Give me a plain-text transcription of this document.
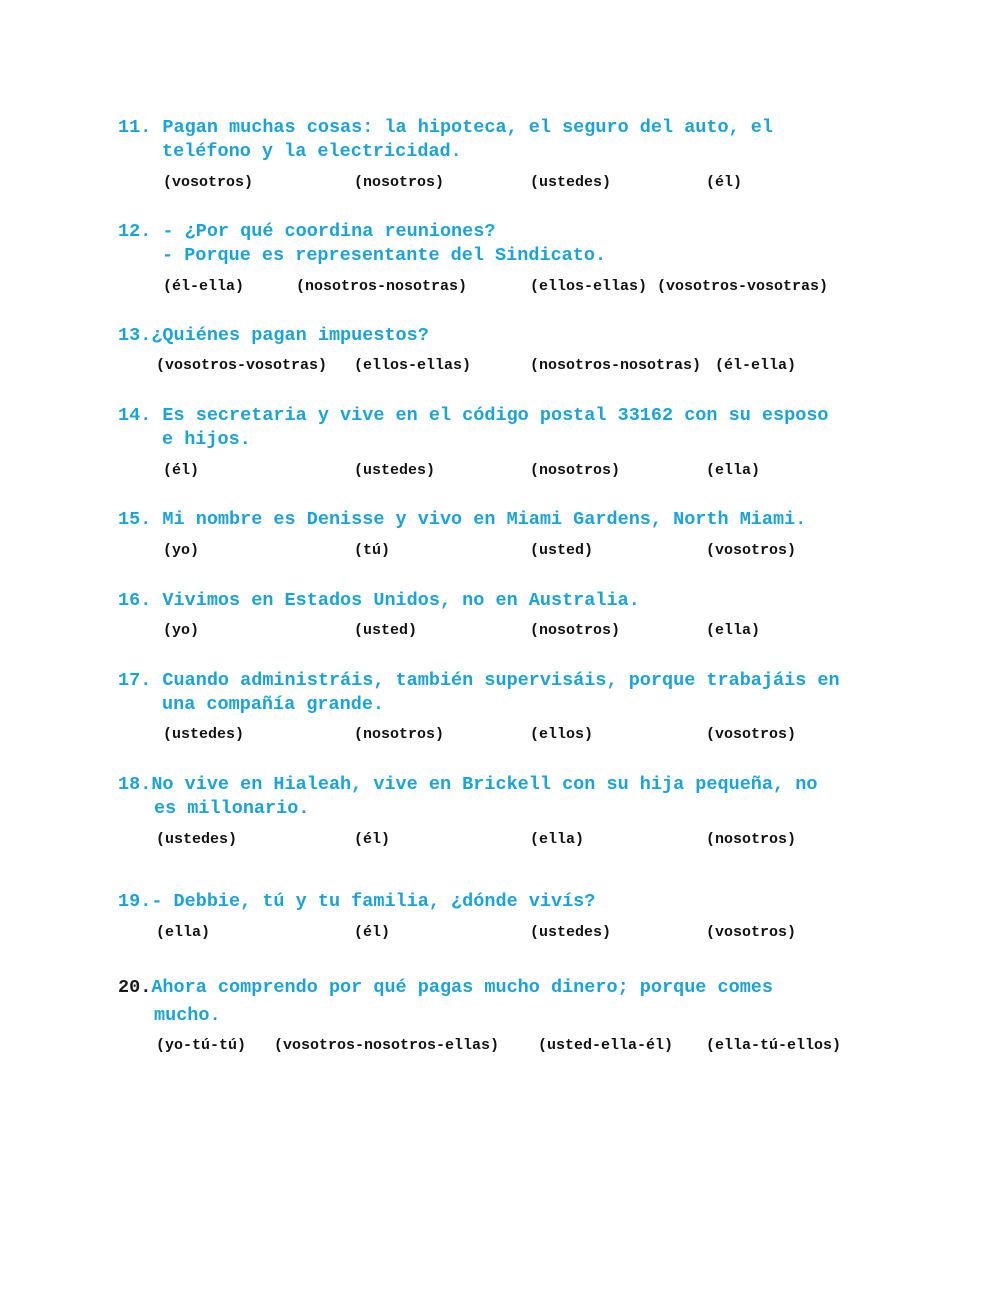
11. Pagan muchas cosas: la hipoteca, el seguro del auto, el
teléfono y la electricidad.
(vosotros)	(nosotros)	(ustedes)	(él)
12. - ¿Por qué coordina reuniones?
- Porque es representante del Sindicato.
(él-ella)	(nosotros-nosotras)	(ellos-ellas) (vosotros-vosotras)
13.¿Quiénes pagan impuestos?
(vosotros-vosotras) (ellos-ellas)	(nosotros-nosotras) (él-ella)
14. Es secretaria y vive en el código postal 33162 con su esposo
e hijos.
(él)	(ustedes)	(nosotros)	(ella)
15. Mi nombre es Denisse y vivo en Miami Gardens, North Miami.
(yo)	(tú)	(usted)	(vosotros)
16. Vivimos en Estados Unidos, no en Australia.
(yo)	(usted)	(nosotros)	(ella)
17. Cuando administráis, también supervisáis, porque trabajáis en
una compañía grande.
(ustedes)	(nosotros)	(ellos)	(vosotros)
18.No vive en Hialeah, vive en Brickell con su hija pequeña, no
es millonario.
(ustedes)	(él)	(ella)	(nosotros)
19.- Debbie, tú y tu familia, ¿dónde vivís?
(ella)	(él)	(ustedes)	(vosotros)
20.Ahora comprendo por qué pagas mucho dinero; porque comes
mucho.
(yo-tú-tú) (vosotros-nosotros-ellas)	(usted-ella-él) (ella-tú-ellos)
